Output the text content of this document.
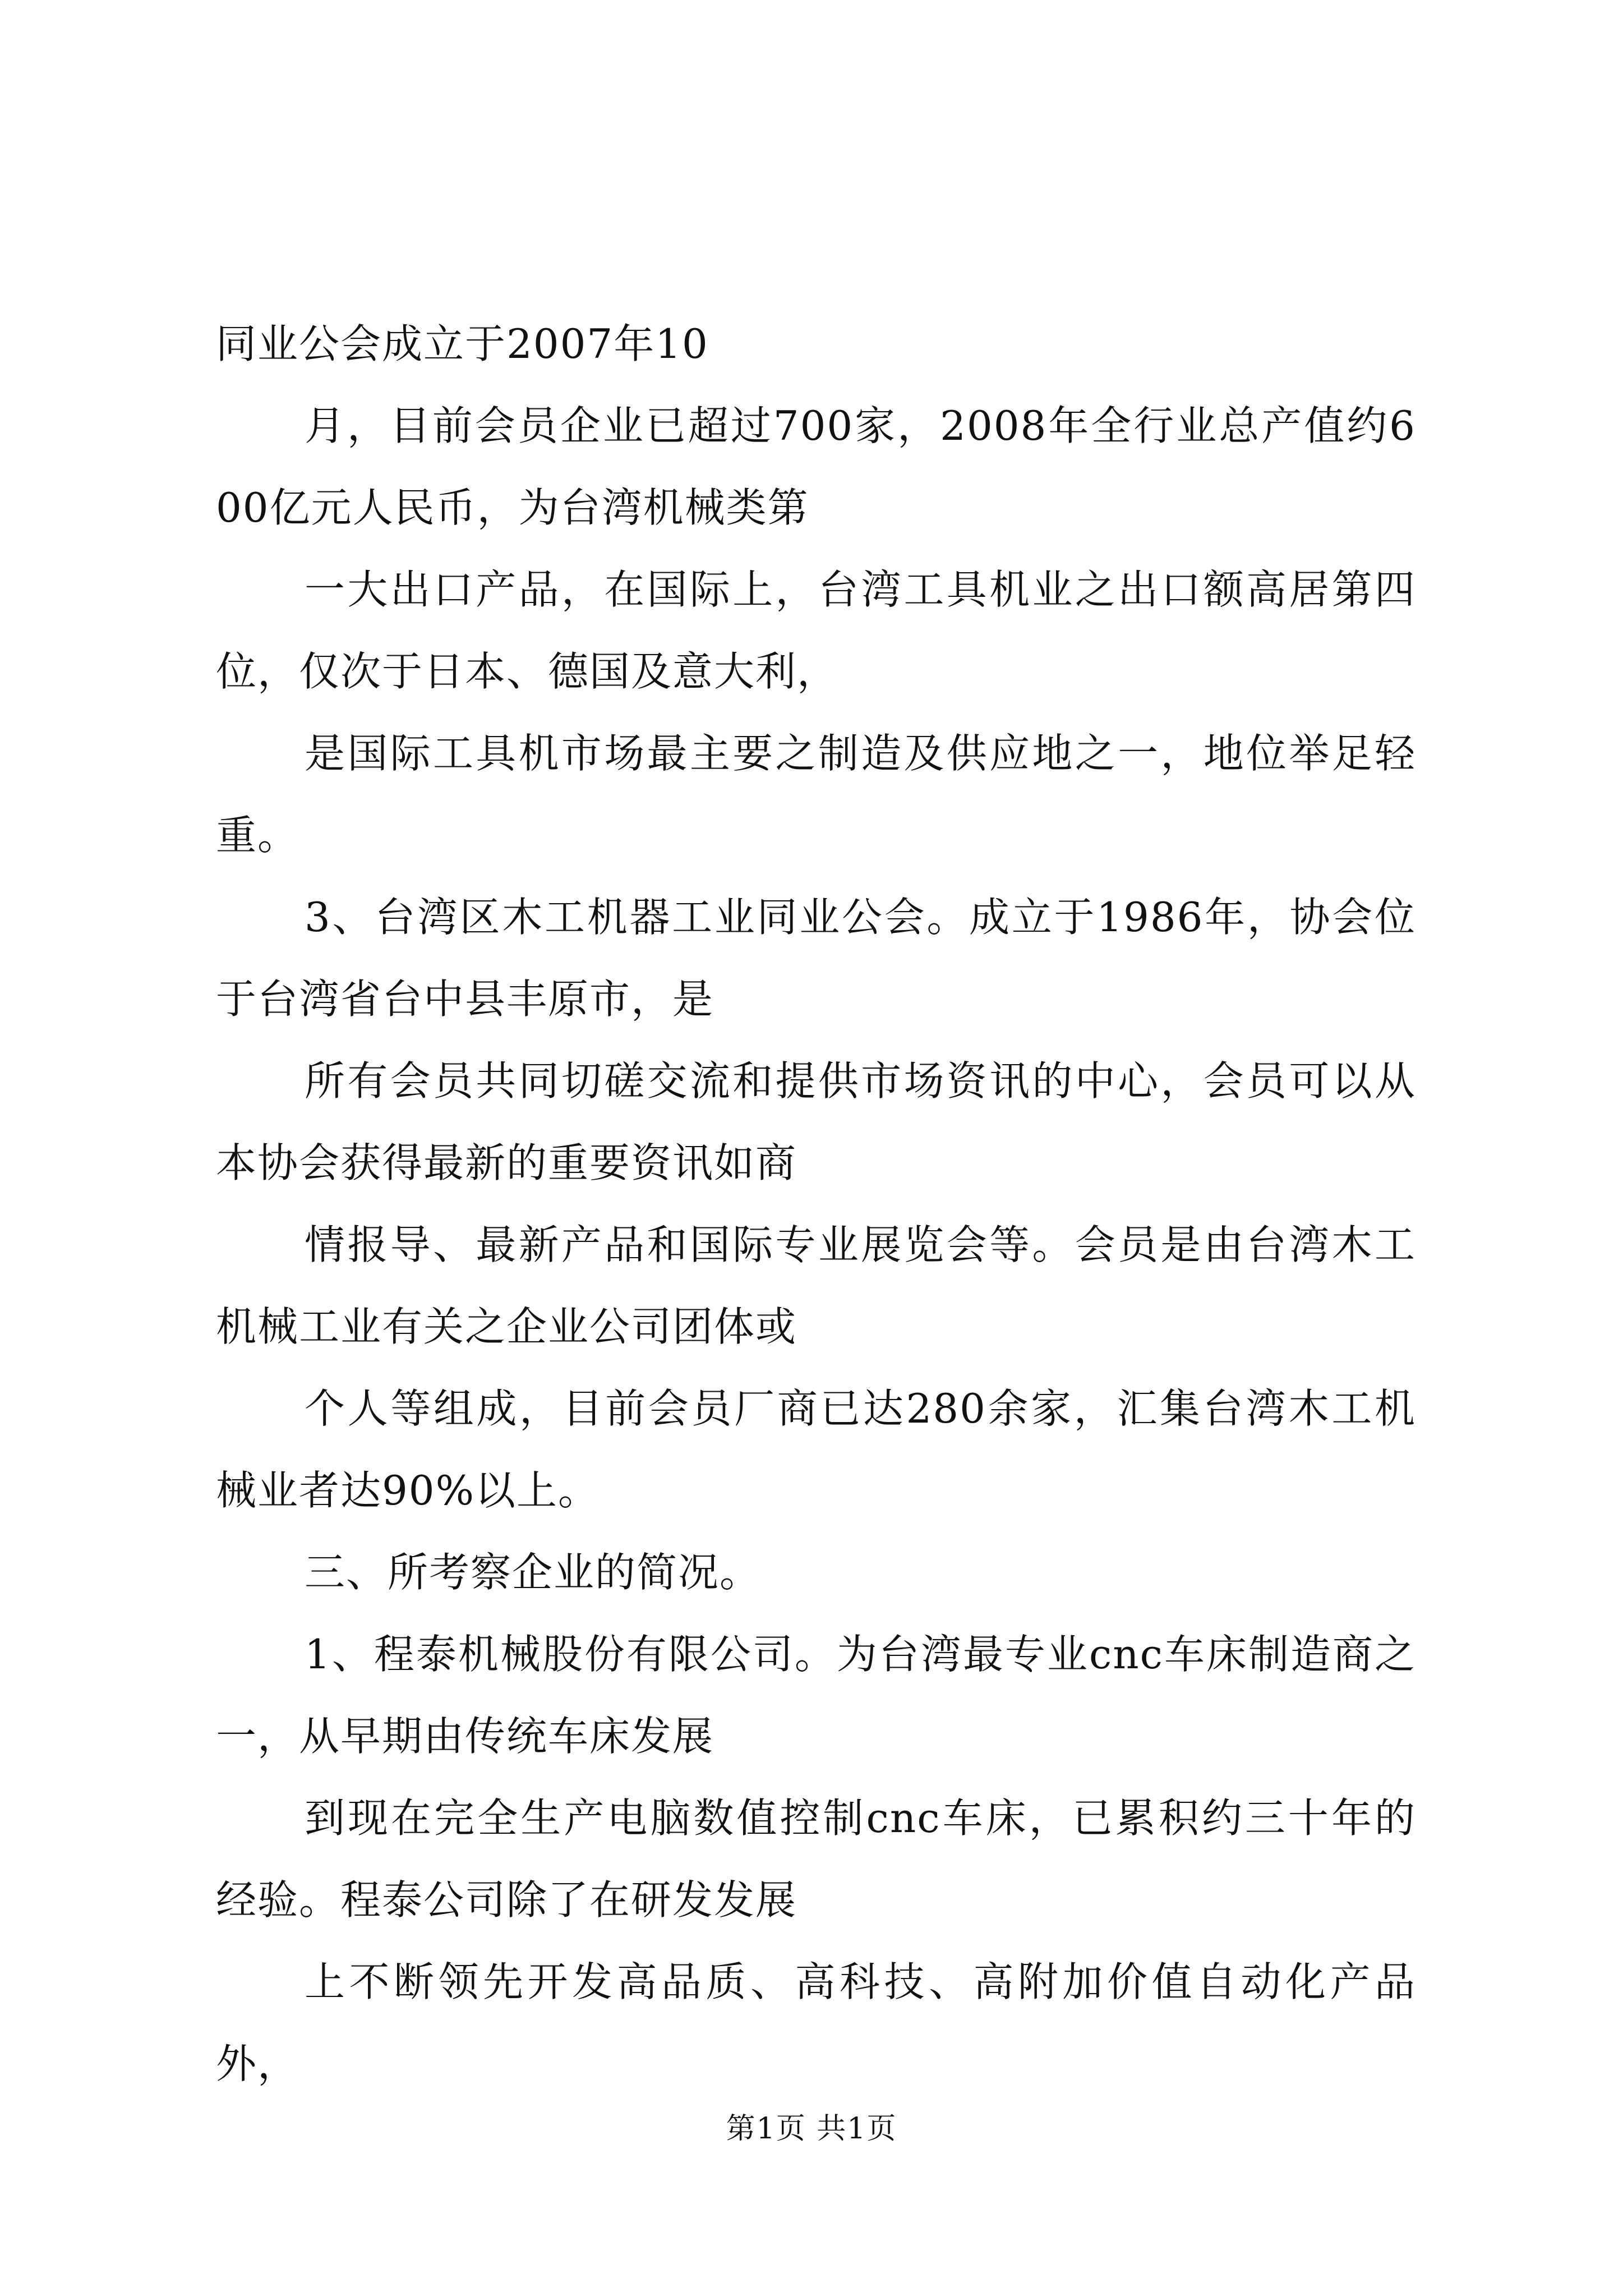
同业公会成立于2007年10

月，目前会员企业已超过700家，2008年全行业总产值约600亿元人民币，为台湾机械类第

一大出口产品，在国际上，台湾工具机业之出口额高居第四位，仅次于日本、德国及意大利，

是国际工具机市场最主要之制造及供应地之一，地位举足轻重。

3、台湾区木工机器工业同业公会。成立于1986年，协会位于台湾省台中县丰原市，是

所有会员共同切磋交流和提供市场资讯的中心，会员可以从本协会获得最新的重要资讯如商

情报导、最新产品和国际专业展览会等。会员是由台湾木工机械工业有关之企业公司团体或

个人等组成，目前会员厂商已达280余家，汇集台湾木工机械业者达90%以上。

三、所考察企业的简况。

1、程泰机械股份有限公司。为台湾最专业cnc车床制造商之一，从早期由传统车床发展

到现在完全生产电脑数值控制cnc车床，已累积约三十年的经验。程泰公司除了在研发发展

上不断领先开发高品质、高科技、高附加价值自动化产品外，

第1页 共1页
